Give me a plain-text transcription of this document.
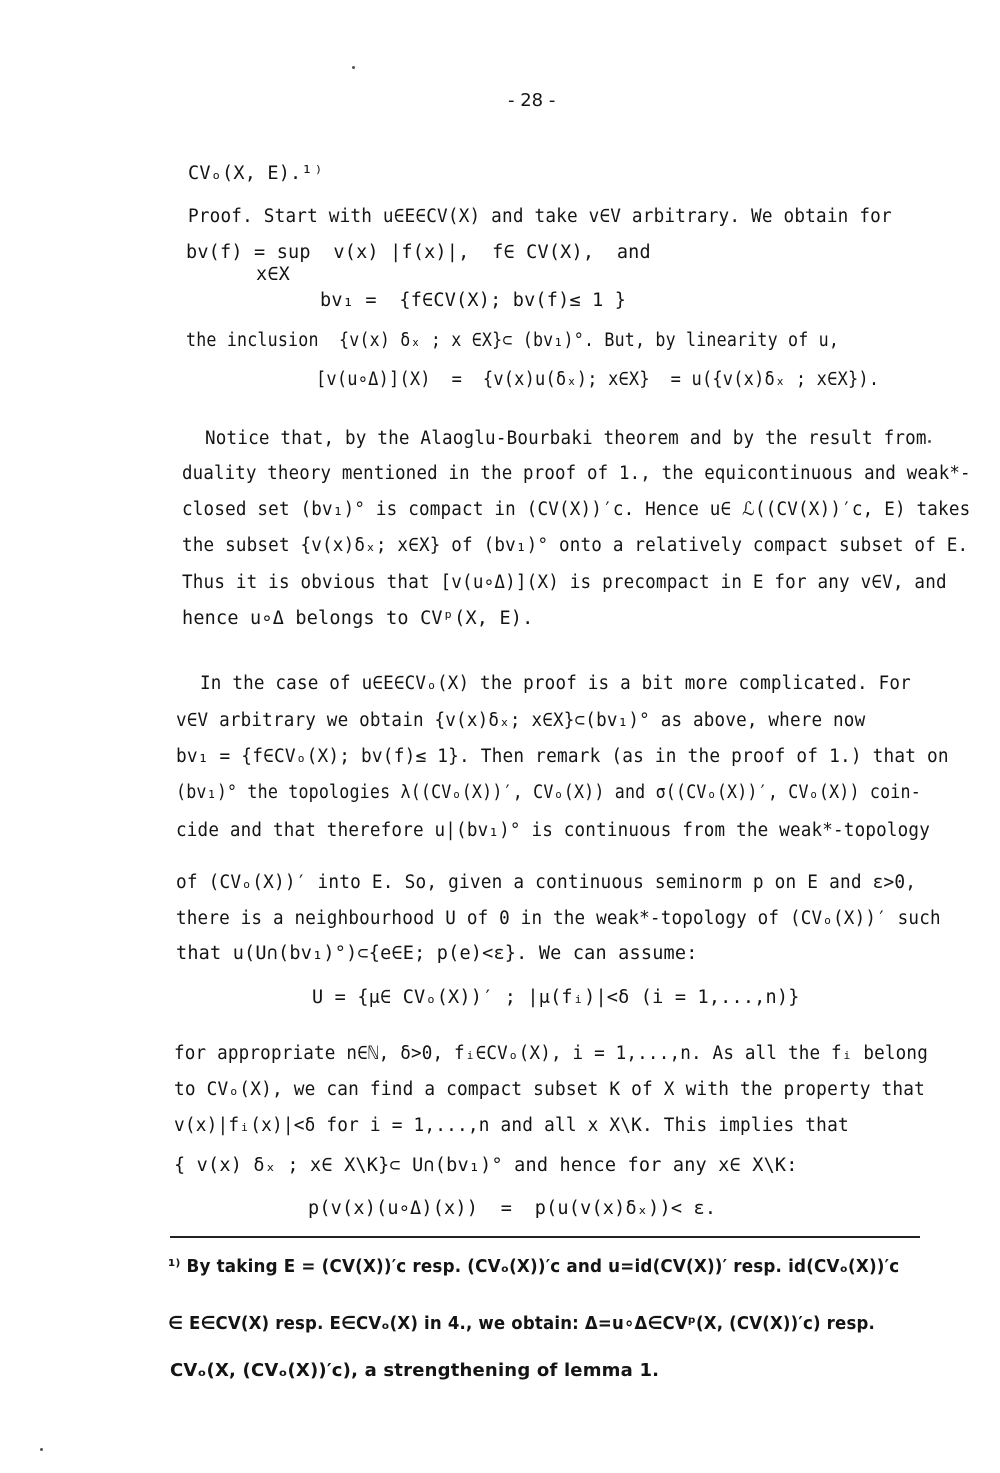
- 28 -
CVₒ(X, E).¹⁾
Proof. Start with u∈E∈CV(X) and take v∈V arbitrary. We obtain for
bv(f) = sup  v(x) |f(x)|,  f∈ CV(X),  and
x∈X
bv₁ =  {f∈CV(X); bv(f)≤ 1 }
the inclusion  {v(x) δₓ ; x ∈X}⊂ (bv₁)°. But, by linearity of u,
[v(u∘Δ)](X)  =  {v(x)u(δₓ); x∈X}  = u({v(x)δₓ ; x∈X}).
Notice that, by the Alaoglu-Bourbaki theorem and by the result from
duality theory mentioned in the proof of 1., the equicontinuous and weak*-
closed set (bv₁)° is compact in (CV(X))′c. Hence u∈ ℒ((CV(X))′c, E) takes
the subset {v(x)δₓ; x∈X} of (bv₁)° onto a relatively compact subset of E.
Thus it is obvious that [v(u∘Δ)](X) is precompact in E for any v∈V, and
hence u∘Δ belongs to CVᵖ(X, E).
In the case of u∈E∈CVₒ(X) the proof is a bit more complicated. For
v∈V arbitrary we obtain {v(x)δₓ; x∈X}⊂(bv₁)° as above, where now
bv₁ = {f∈CVₒ(X); bv(f)≤ 1}. Then remark (as in the proof of 1.) that on
(bv₁)° the topologies λ((CVₒ(X))′, CVₒ(X)) and σ((CVₒ(X))′, CVₒ(X)) coin-
cide and that therefore u|(bv₁)° is continuous from the weak*-topology
of (CVₒ(X))′ into E. So, given a continuous seminorm p on E and ε>0,
there is a neighbourhood U of 0 in the weak*-topology of (CVₒ(X))′ such
that u(U∩(bv₁)°)⊂{e∈E; p(e)<ε}. We can assume:
U = {μ∈ CVₒ(X))′ ; |μ(fᵢ)|<δ (i = 1,...,n)}
for appropriate n∈ℕ, δ>0, fᵢ∈CVₒ(X), i = 1,...,n. As all the fᵢ belong
to CVₒ(X), we can find a compact subset K of X with the property that
v(x)|fᵢ(x)|<δ for i = 1,...,n and all x X\K. This implies that
{ v(x) δₓ ; x∈ X\K}⊂ U∩(bv₁)° and hence for any x∈ X\K:
p(v(x)(u∘Δ)(x))  =  p(u(v(x)δₓ))< ε.
¹⁾ By taking E = (CV(X))′c resp. (CVₒ(X))′c and u=id(CV(X))′ resp. id(CVₒ(X))′c
∈ E∈CV(X) resp. E∈CVₒ(X) in 4., we obtain: Δ=u∘Δ∈CVᵖ(X, (CV(X))′c) resp.
CVₒ(X, (CVₒ(X))′c), a strengthening of lemma 1.
